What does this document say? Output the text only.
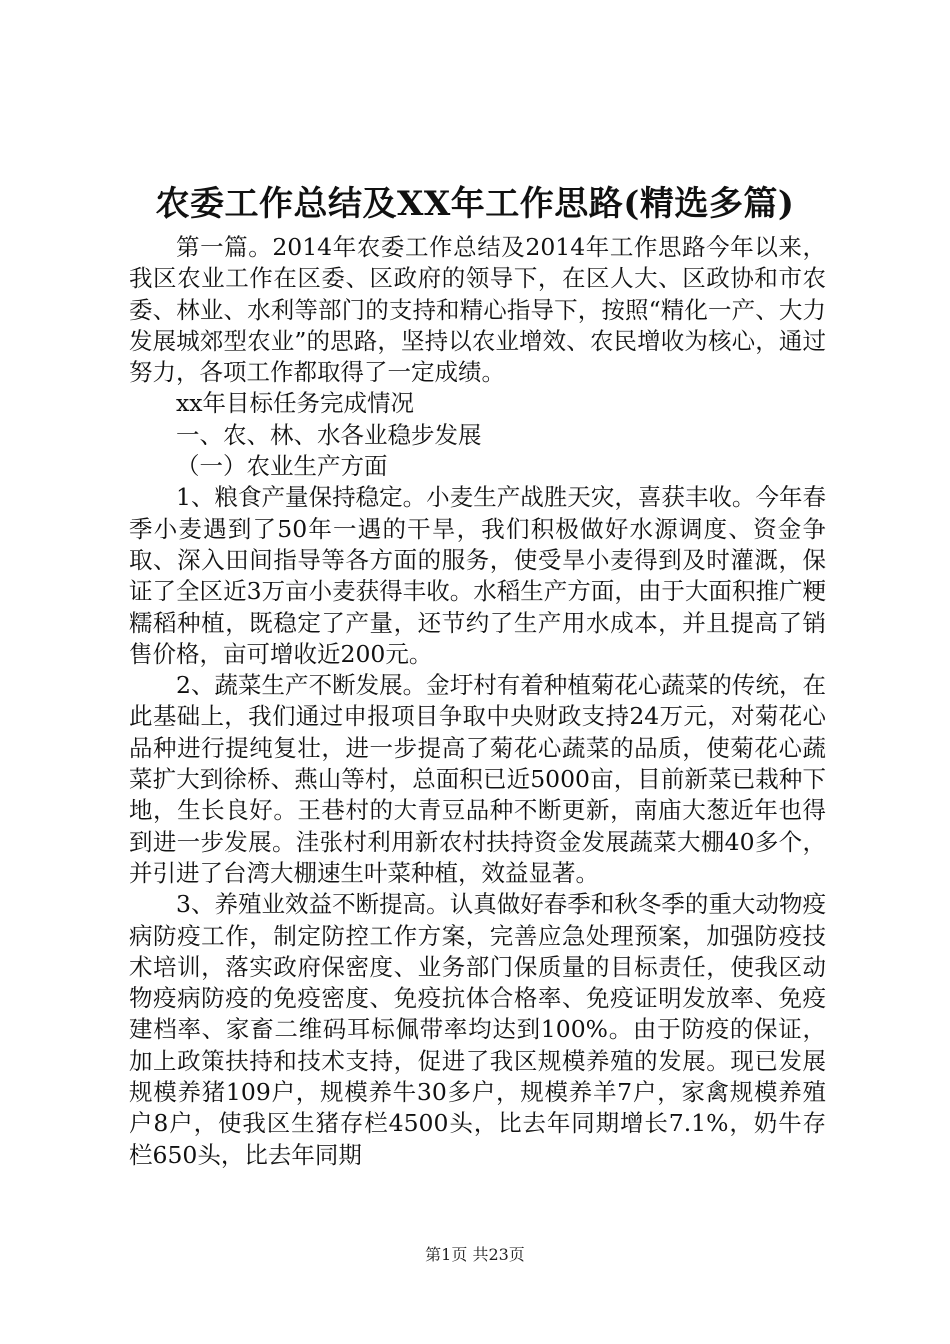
农委工作总结及XX年工作思路(精选多篇)

第一篇。2014年农委工作总结及2014年工作思路今年以来，我区农业工作在区委、区政府的领导下，在区人大、区政协和市农委、林业、水利等部门的支持和精心指导下，按照“精化一产、大力发展城郊型农业”的思路，坚持以农业增效、农民增收为核心，通过努力，各项工作都取得了一定成绩。

xx年目标任务完成情况

一、农、林、水各业稳步发展

（一）农业生产方面

1、粮食产量保持稳定。小麦生产战胜天灾，喜获丰收。今年春季小麦遇到了50年一遇的干旱，我们积极做好水源调度、资金争取、深入田间指导等各方面的服务，使受旱小麦得到及时灌溉，保证了全区近3万亩小麦获得丰收。水稻生产方面，由于大面积推广粳糯稻种植，既稳定了产量，还节约了生产用水成本，并且提高了销售价格，亩可增收近200元。

2、蔬菜生产不断发展。金圩村有着种植菊花心蔬菜的传统，在此基础上，我们通过申报项目争取中央财政支持24万元，对菊花心品种进行提纯复壮，进一步提高了菊花心蔬菜的品质，使菊花心蔬菜扩大到徐桥、燕山等村，总面积已近5000亩，目前新菜已栽种下地，生长良好。王巷村的大青豆品种不断更新，南庙大葱近年也得到进一步发展。洼张村利用新农村扶持资金发展蔬菜大棚40多个，并引进了台湾大棚速生叶菜种植，效益显著。

3、养殖业效益不断提高。认真做好春季和秋冬季的重大动物疫病防疫工作，制定防控工作方案，完善应急处理预案，加强防疫技术培训，落实政府保密度、业务部门保质量的目标责任，使我区动物疫病防疫的免疫密度、免疫抗体合格率、免疫证明发放率、免疫建档率、家畜二维码耳标佩带率均达到100%。由于防疫的保证，加上政策扶持和技术支持，促进了我区规模养殖的发展。现已发展规模养猪109户，规模养牛30多户，规模养羊7户，家禽规模养殖户8户，使我区生猪存栏4500头，比去年同期增长7.1%，奶牛存栏650头，比去年同期

第1页 共23页
